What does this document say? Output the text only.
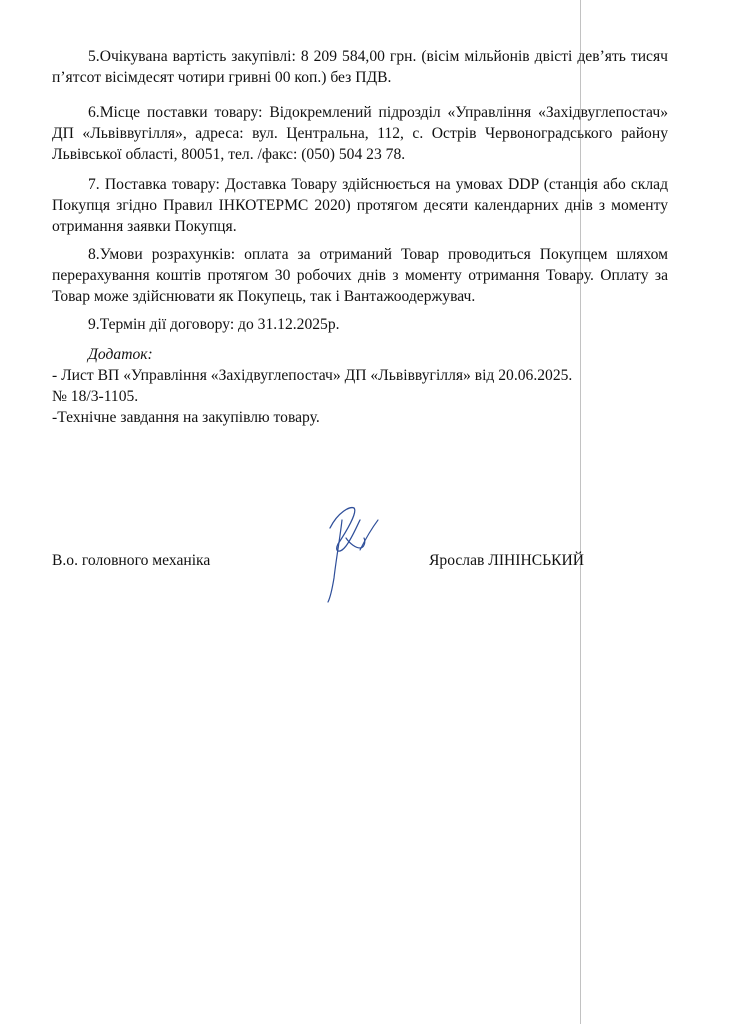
5.Очікувана вартість закупівлі: 8 209 584,00 грн. (вісім мільйонів двісті дев’ять тисяч п’ятсот вісімдесят чотири гривні 00 коп.) без ПДВ.

6.Місце поставки товару: Відокремлений підрозділ «Управління «Західвуглепостач» ДП «Львіввугілля», адреса: вул. Центральна, 112, с. Острів Червоноградського району Львівської області, 80051, тел. /факс: (050) 504 23 78.

7. Поставка товару: Доставка Товару здійснюється на умовах DDP (станція або склад Покупця згідно Правил ІНКОТЕРМС 2020) протягом десяти календарних днів з моменту отримання заявки Покупця.

8.Умови розрахунків: оплата за отриманий Товар проводиться Покупцем шляхом перерахування коштів протягом 30 робочих днів з моменту отримання Товару. Оплату за Товар може здійснювати як Покупець, так і Вантажоодержувач.

9.Термін дії договору: до 31.12.2025р.

Додаток:

- Лист ВП «Управління «Західвуглепостач» ДП «Львіввугілля» від 20.06.2025.

№ 18/3-1105.

-Технічне завдання на закупівлю товару.

В.о. головного механіка	Ярослав ЛІНІНСЬКИЙ
